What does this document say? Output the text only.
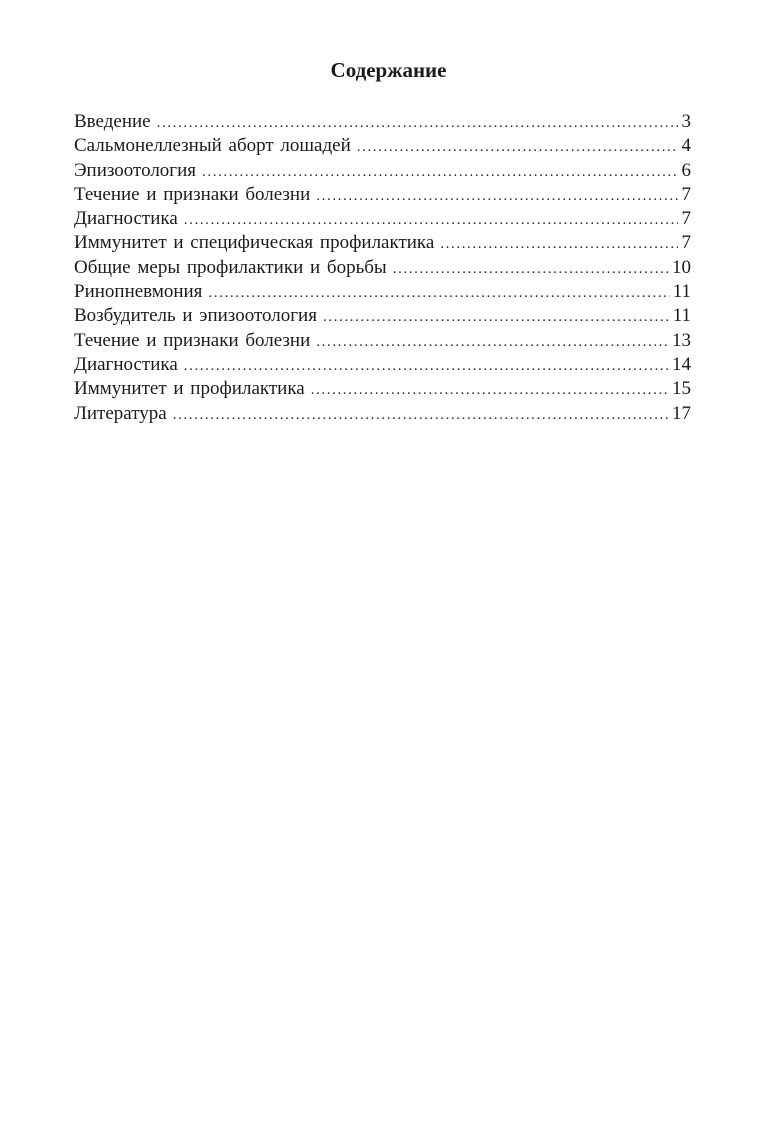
Содержание
Введение .....	3
Сальмонеллезный аборт лошадей .....	4
Эпизоотология .....	6
Течение и признаки болезни .....	7
Диагностика .....	7
Иммунитет и специфическая профилактика .....	7
Общие меры профилактики и борьбы .....	10
Ринопневмония .....	11
Возбудитель и эпизоотология .....	11
Течение и признаки болезни .....	13
Диагностика .....	14
Иммунитет и профилактика .....	15
Литература .....	17
